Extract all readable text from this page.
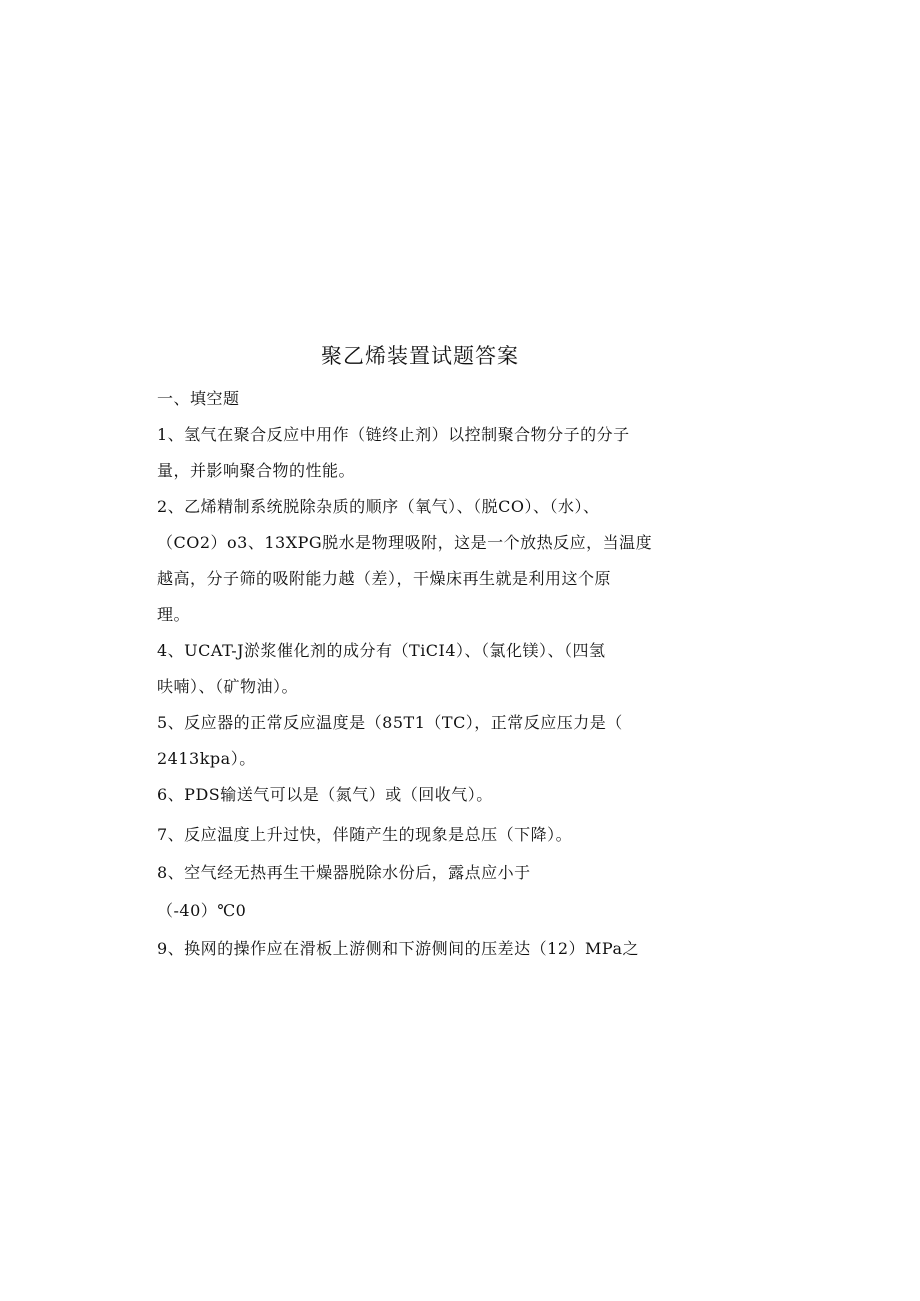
聚乙烯装置试题答案
一、填空题
1、氢气在聚合反应中用作（链终止剂）以控制聚合物分子的分子
量，并影响聚合物的性能。
2、乙烯精制系统脱除杂质的顺序（氧气）、（脱CO）、（水）、
（CO2）o3、13XPG脱水是物理吸附，这是一个放热反应，当温度
越高，分子筛的吸附能力越（差），干燥床再生就是利用这个原
理。
4、UCAT-J淤浆催化剂的成分有（TiCI4）、（氯化镁）、（四氢
呋喃）、（矿物油）。
5、反应器的正常反应温度是（85T1（TC），正常反应压力是（
2413kpa）。
6、PDS输送气可以是（氮气）或（回收气）。
7、反应温度上升过快，伴随产生的现象是总压（下降）。
8、空气经无热再生干燥器脱除水份后，露点应小于
（-40）℃0
9、换网的操作应在滑板上游侧和下游侧间的压差达（12）MPa之
